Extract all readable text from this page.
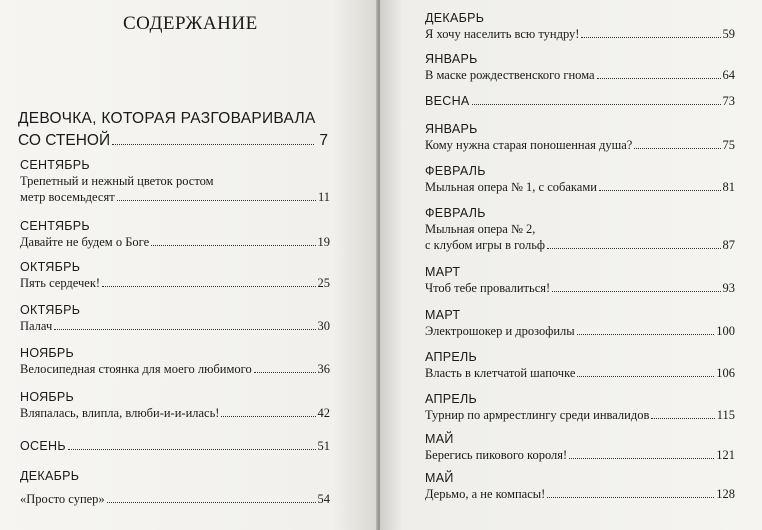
СОДЕРЖАНИЕ
ДЕВОЧКА, КОТОРАЯ РАЗГОВАРИВАЛА
СО СТЕНОЙ	7
СЕНТЯБРЬ
Трепетный и нежный цветок ростом
метр восемьдесят	11
СЕНТЯБРЬ
Давайте не будем о Боге	19
ОКТЯБРЬ
Пять сердечек!	25
ОКТЯБРЬ
Палач	30
НОЯБРЬ
Велосипедная стоянка для моего любимого	36
НОЯБРЬ
Вляпалась, влипла, влюби-и-и-илась!	42
ОСЕНЬ	51
ДЕКАБРЬ
«Просто супер»	54
ДЕКАБРЬ
Я хочу населить всю тундру!	59
ЯНВАРЬ
В маске рождественского гнома	64
ВЕСНА	73
ЯНВАРЬ
Кому нужна старая поношенная душа?	75
ФЕВРАЛЬ
Мыльная опера № 1, с собаками	81
ФЕВРАЛЬ
Мыльная опера № 2,
с клубом игры в гольф	87
МАРТ
Чтоб тебе провалиться!	93
МАРТ
Электрошокер и дрозофилы	100
АПРЕЛЬ
Власть в клетчатой шапочке	106
АПРЕЛЬ
Турнир по армрестлингу среди инвалидов	115
МАЙ
Берегись пикового короля!	121
МАЙ
Дерьмо, а не компасы!	128
